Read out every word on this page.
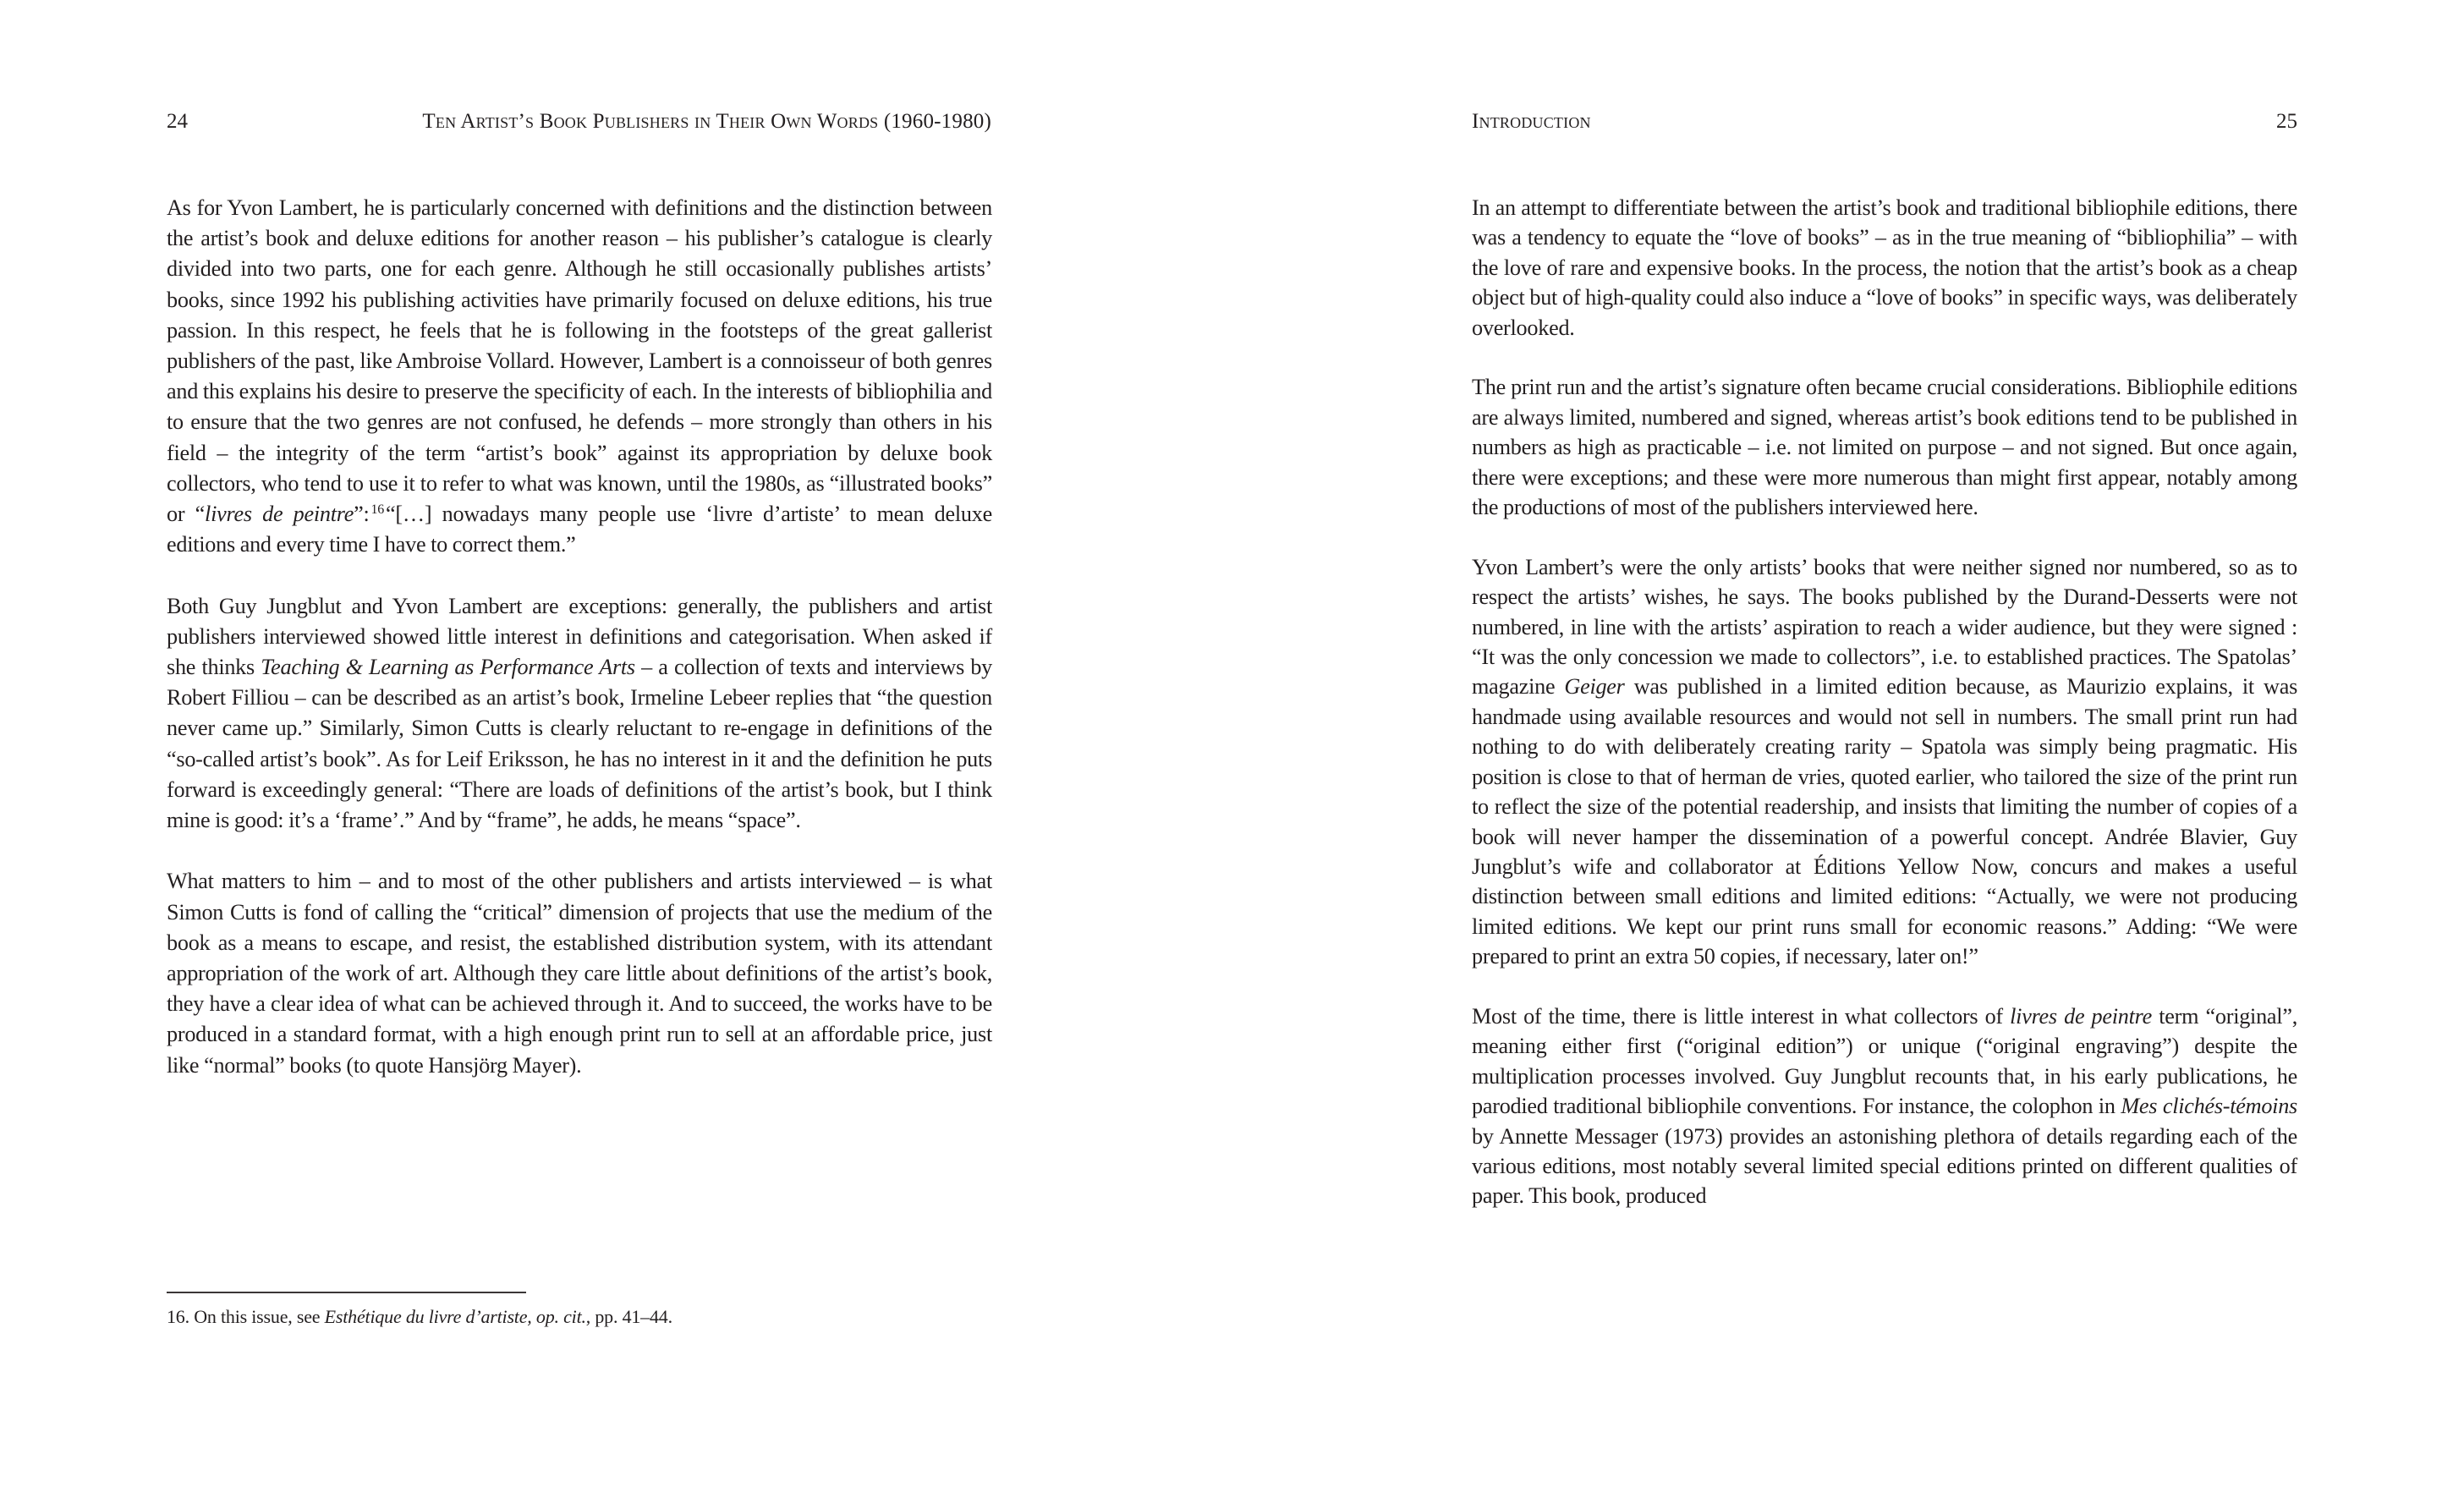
24	Ten Artist’s Book Publishers in Their Own Words (1960-1980)

As for Yvon Lambert, he is particularly concerned with definitions and the distinction between the artist’s book and deluxe editions for another reason – his publisher’s catalogue is clearly divided into two parts, one for each genre. Although he still occasionally publishes artists’ books, since 1992 his publishing activities have primarily focused on deluxe editions, his true passion. In this respect, he feels that he is following in the footsteps of the great gallerist publishers of the past, like Ambroise Vollard. However, Lambert is a connoisseur of both genres and this explains his desire to preserve the specificity of each. In the interests of bibliophilia and to ensure that the two genres are not confused, he defends – more strongly than others in his field – the integrity of the term “artist’s book” against its appropriation by deluxe book collectors, who tend to use it to refer to what was known, until the 1980s, as “illustrated books” or “livres de peintre”: $^{16}$“[…] nowadays many people use ‘livre d’artiste’ to mean deluxe editions and every time I have to correct them.”

Both Guy Jungblut and Yvon Lambert are exceptions: generally, the publishers and artist publishers interviewed showed little interest in definitions and categorisation. When asked if she thinks Teaching & Learning as Performance Arts – a collection of texts and interviews by Robert Filliou – can be described as an artist’s book, Irmeline Lebeer replies that “the question never came up.” Similarly, Simon Cutts is clearly reluctant to re-engage in definitions of the “so-called artist’s book”. As for Leif Eriksson, he has no interest in it and the definition he puts forward is exceedingly general: “There are loads of definitions of the artist’s book, but I think mine is good: it’s a ‘frame’.” And by “frame”, he adds, he means “space”.

What matters to him – and to most of the other publishers and artists interviewed – is what Simon Cutts is fond of calling the “critical” dimension of projects that use the medium of the book as a means to escape, and resist, the established distribution system, with its attendant appropriation of the work of art. Although they care little about definitions of the artist’s book, they have a clear idea of what can be achieved through it. And to succeed, the works have to be produced in a standard format, with a high enough print run to sell at an affordable price, just like “normal” books (to quote Hansjörg Mayer).

16. On this issue, see Esthétique du livre d’artiste, op. cit., pp. 41–44.
Introduction	25

In an attempt to differentiate between the artist’s book and traditional bibliophile editions, there was a tendency to equate the “love of books” – as in the true meaning of “bibliophilia” – with the love of rare and expensive books. In the process, the notion that the artist’s book as a cheap object but of high-quality could also induce a “love of books” in specific ways, was deliberately overlooked.

The print run and the artist’s signature often became crucial considerations. Bibliophile editions are always limited, numbered and signed, whereas artist’s book editions tend to be published in numbers as high as practicable – i.e. not limited on purpose – and not signed. But once again, there were exceptions; and these were more numerous than might first appear, notably among the productions of most of the publishers interviewed here.

Yvon Lambert’s were the only artists’ books that were neither signed nor numbered, so as to respect the artists’ wishes, he says. The books published by the Durand-Desserts were not numbered, in line with the artists’ aspiration to reach a wider audience, but they were signed : “It was the only concession we made to collectors”, i.e. to established practices. The Spatolas’ magazine Geiger was published in a limited edition because, as Maurizio explains, it was handmade using available resources and would not sell in numbers. The small print run had nothing to do with deliberately creating rarity – Spatola was simply being pragmatic. His position is close to that of herman de vries, quoted earlier, who tailored the size of the print run to reflect the size of the potential readership, and insists that limiting the number of copies of a book will never hamper the dissemination of a powerful concept. Andrée Blavier, Guy Jungblut’s wife and collaborator at Éditions Yellow Now, concurs and makes a useful distinction between small editions and limited editions: “Actually, we were not producing limited editions. We kept our print runs small for economic reasons.” Adding: “We were prepared to print an extra 50 copies, if necessary, later on!”

Most of the time, there is little interest in what collectors of livres de peintre term “original”, meaning either first (“original edition”) or unique (“original engraving”) despite the multiplication processes involved. Guy Jungblut recounts that, in his early publications, he parodied traditional bibliophile conventions. For instance, the colophon in Mes clichés-témoins by Annette Messager (1973) provides an astonishing plethora of details regarding each of the various editions, most notably several limited special editions printed on different qualities of paper. This book, produced
